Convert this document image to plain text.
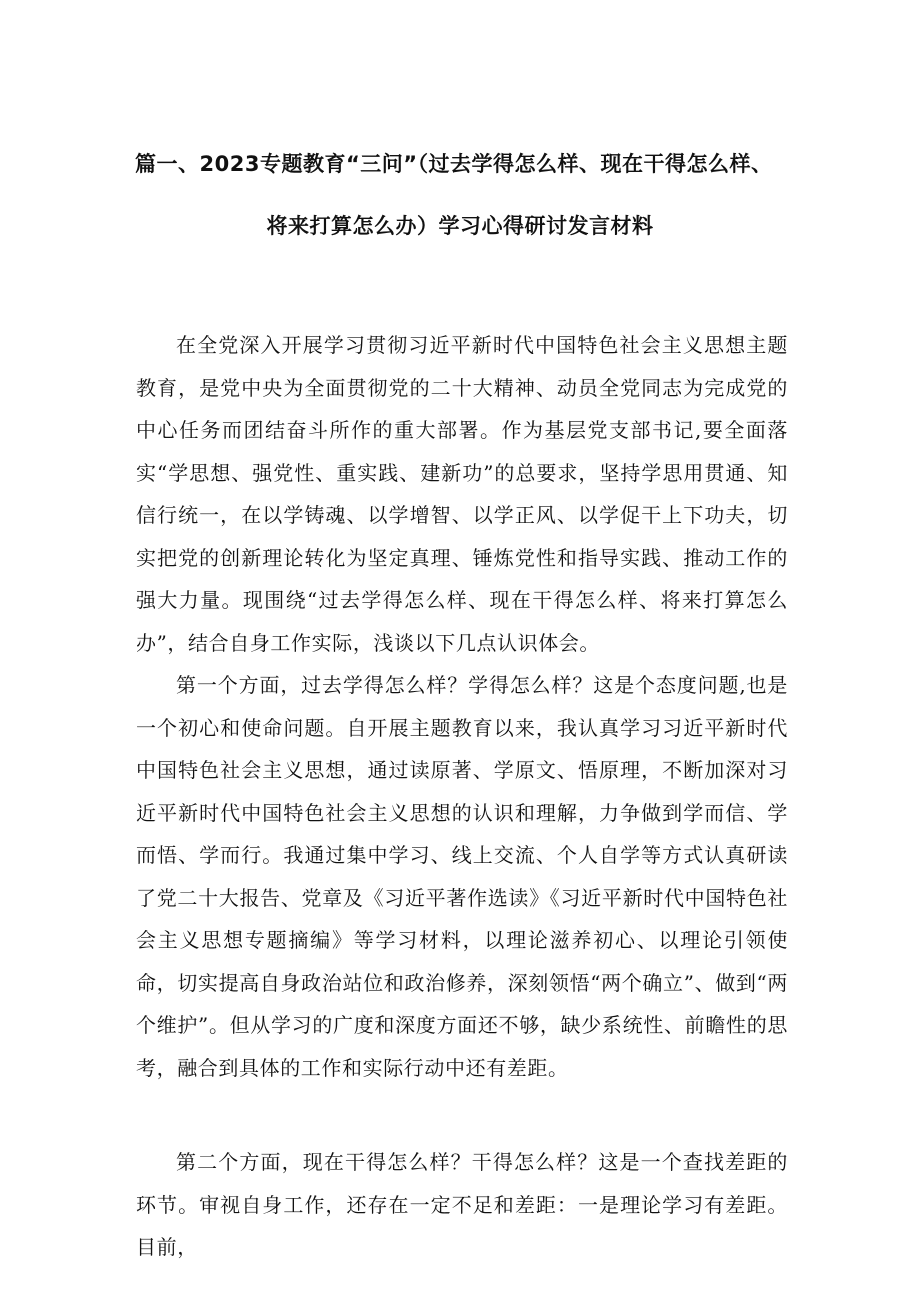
篇一、2023专题教育“三问”（过去学得怎么样、现在干得怎么样、
将来打算怎么办）学习心得研讨发言材料

在全党深入开展学习贯彻习近平新时代中国特色社会主义思想主题教育，是党中央为全面贯彻党的二十大精神、动员全党同志为完成党的中心任务而团结奋斗所作的重大部署。作为基层党支部书记,要全面落实“学思想、强党性、重实践、建新功”的总要求，坚持学思用贯通、知信行统一，在以学铸魂、以学增智、以学正风、以学促干上下功夫，切实把党的创新理论转化为坚定真理、锤炼党性和指导实践、推动工作的强大力量。现围绕“过去学得怎么样、现在干得怎么样、将来打算怎么办”，结合自身工作实际，浅谈以下几点认识体会。

第一个方面，过去学得怎么样？学得怎么样？这是个态度问题,也是一个初心和使命问题。自开展主题教育以来，我认真学习习近平新时代中国特色社会主义思想，通过读原著、学原文、悟原理，不断加深对习近平新时代中国特色社会主义思想的认识和理解，力争做到学而信、学而悟、学而行。我通过集中学习、线上交流、个人自学等方式认真研读了党二十大报告、党章及《习近平著作选读》《习近平新时代中国特色社会主义思想专题摘编》等学习材料，以理论滋养初心、以理论引领使命，切实提高自身政治站位和政治修养，深刻领悟“两个确立”、做到“两个维护”。但从学习的广度和深度方面还不够，缺少系统性、前瞻性的思考，融合到具体的工作和实际行动中还有差距。

第二个方面，现在干得怎么样？干得怎么样？这是一个查找差距的环节。审视自身工作，还存在一定不足和差距：一是理论学习有差距。目前，
